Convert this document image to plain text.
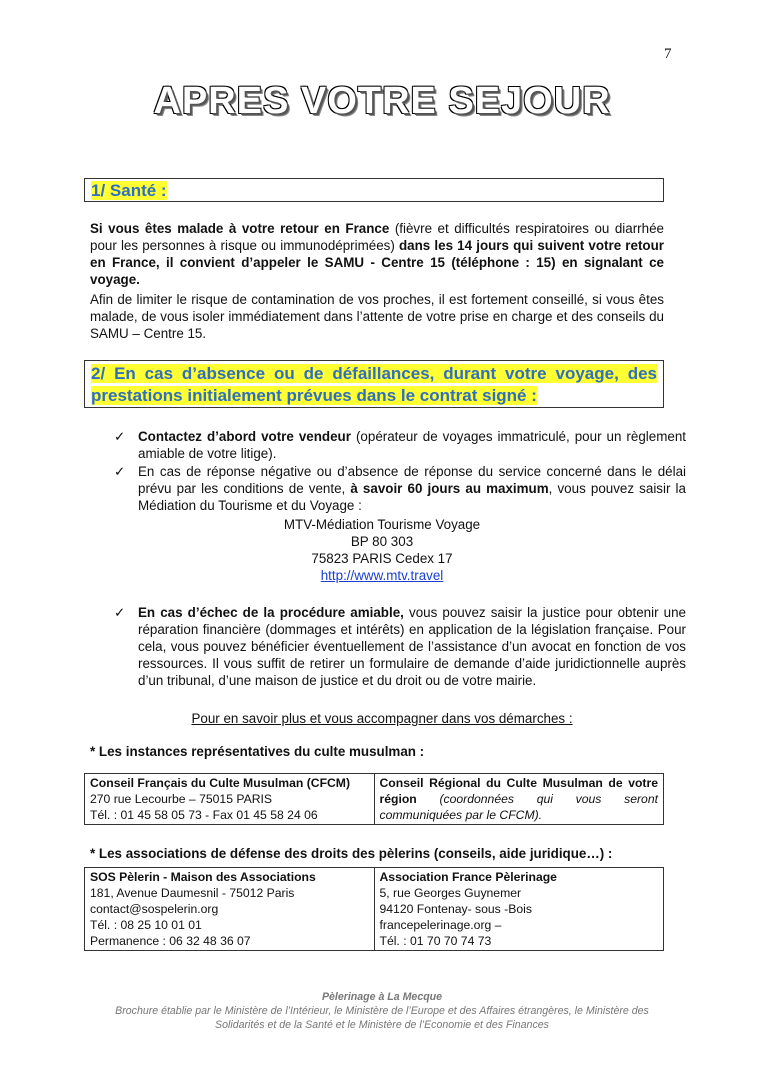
7
APRES VOTRE SEJOUR
1/ Santé :
Si vous êtes malade à votre retour en France (fièvre et difficultés respiratoires ou diarrhée pour les personnes à risque ou immunodéprimées) dans les 14 jours qui suivent votre retour en France, il convient d’appeler le SAMU - Centre 15 (téléphone : 15) en signalant ce voyage.
Afin de limiter le risque de contamination de vos proches, il est fortement conseillé, si vous êtes malade, de vous isoler immédiatement dans l’attente de votre prise en charge et des conseils du SAMU – Centre 15.
2/ En cas d’absence ou de défaillances, durant votre voyage, des prestations initialement prévues dans le contrat signé :
✓ Contactez d’abord votre vendeur (opérateur de voyages immatriculé, pour un règlement amiable de votre litige).
✓ En cas de réponse négative ou d’absence de réponse du service concerné dans le délai prévu par les conditions de vente, à savoir 60 jours au maximum, vous pouvez saisir la Médiation du Tourisme et du Voyage :
MTV-Médiation Tourisme Voyage
BP 80 303
75823 PARIS Cedex 17
http://www.mtv.travel
✓ En cas d’échec de la procédure amiable, vous pouvez saisir la justice pour obtenir une réparation financière (dommages et intérêts) en application de la législation française. Pour cela, vous pouvez bénéficier éventuellement de l’assistance d’un avocat en fonction de vos ressources. Il vous suffit de retirer un formulaire de demande d’aide juridictionnelle auprès d’un tribunal, d’une maison de justice et du droit ou de votre mairie.
Pour en savoir plus et vous accompagner dans vos démarches :
* Les instances représentatives du culte musulman :
Conseil Français du Culte Musulman (CFCM)
270 rue Lecourbe – 75015 PARIS
Tél. : 01 45 58 05 73 - Fax 01 45 58 24 06
	Conseil Régional du Culte Musulman de votre région (coordonnées qui vous seront communiquées par le CFCM).
* Les associations de défense des droits des pèlerins (conseils, aide juridique…) :
SOS Pèlerin - Maison des Associations
181, Avenue Daumesnil - 75012 Paris
contact@sospelerin.org
Tél. : 08 25 10 01 01
Permanence : 06 32 48 36 07

Association France Pèlerinage
5, rue Georges Guynemer
94120 Fontenay- sous -Bois
francepelerinage.org –
Tél. : 01 70 70 74 73
Pèlerinage à La Mecque
Brochure établie par le Ministère de l’Intérieur, le Ministère de l’Europe et des Affaires étrangères, le Ministère des Solidarités et de la Santé et le Ministère de l’Economie et des Finances
